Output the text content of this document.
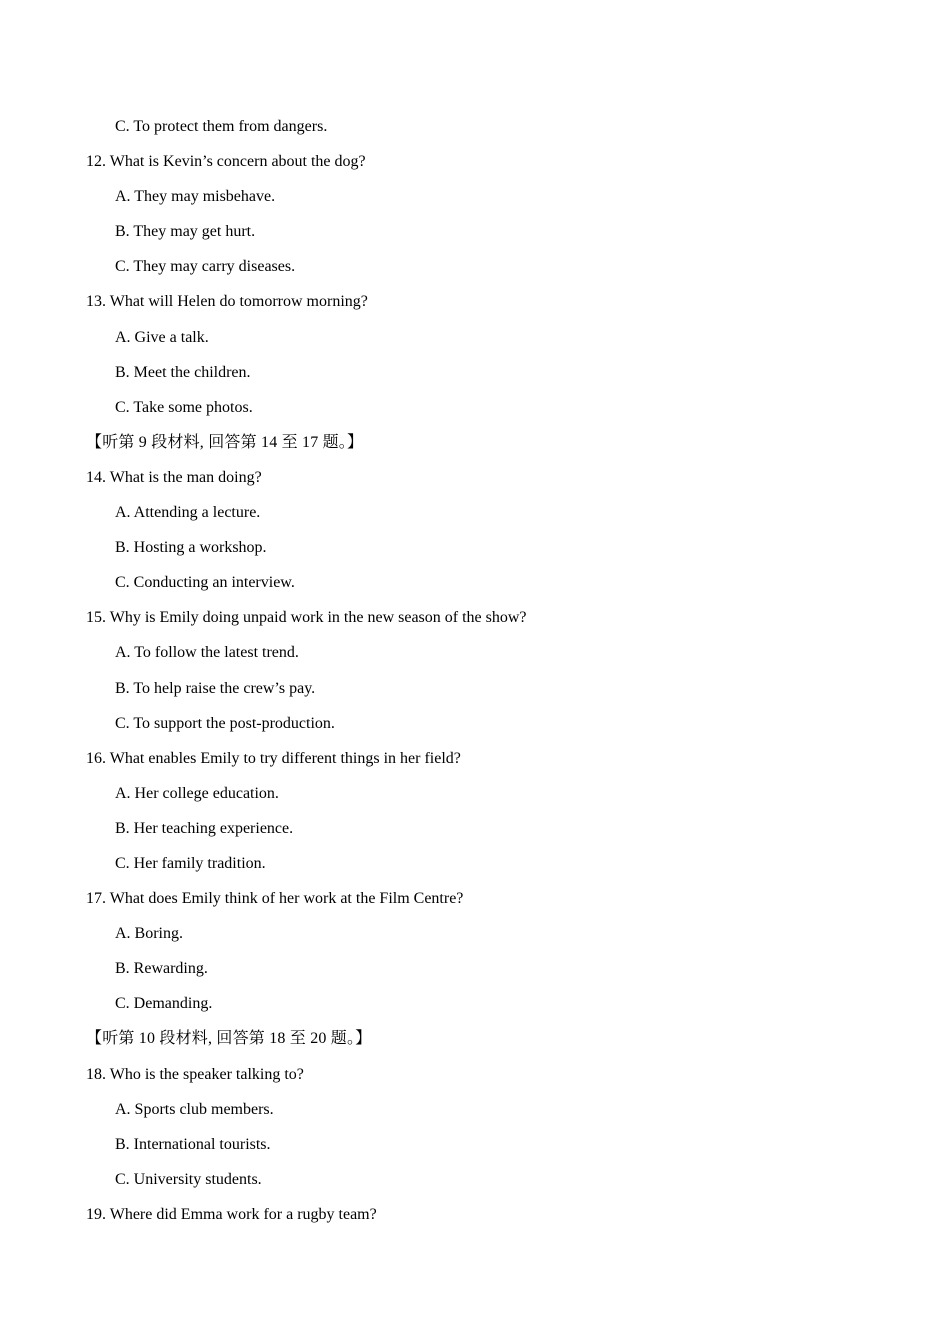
C. To protect them from dangers.
12. What is Kevin’s concern about the dog?
A. They may misbehave.
B. They may get hurt.
C. They may carry diseases.
13. What will Helen do tomorrow morning?
A. Give a talk.
B. Meet the children.
C. Take some photos.
【听第 9 段材料, 回答第 14 至 17 题。】
14. What is the man doing?
A. Attending a lecture.
B. Hosting a workshop.
C. Conducting an interview.
15. Why is Emily doing unpaid work in the new season of the show?
A. To follow the latest trend.
B. To help raise the crew’s pay.
C. To support the post-production.
16. What enables Emily to try different things in her field?
A. Her college education.
B. Her teaching experience.
C. Her family tradition.
17. What does Emily think of her work at the Film Centre?
A. Boring.
B. Rewarding.
C. Demanding.
【听第 10 段材料, 回答第 18 至 20 题。】
18. Who is the speaker talking to?
A. Sports club members.
B. International tourists.
C. University students.
19. Where did Emma work for a rugby team?
